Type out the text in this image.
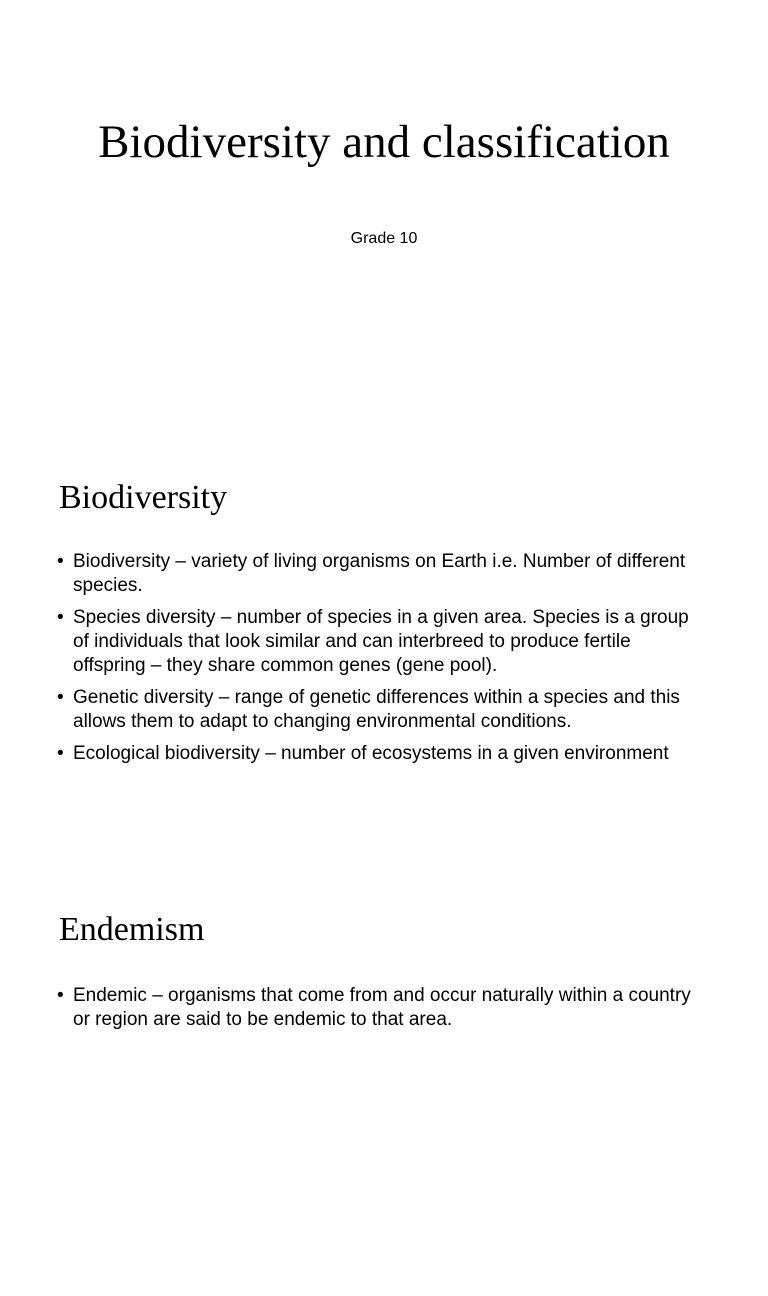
Biodiversity and classification
Grade 10
Biodiversity
• Biodiversity – variety of living organisms on Earth i.e. Number of different species.
• Species diversity – number of species in a given area. Species is a group of individuals that look similar and can interbreed to produce fertile offspring – they share common genes (gene pool).
• Genetic diversity – range of genetic differences within a species and this allows them to adapt to changing environmental conditions.
• Ecological biodiversity – number of ecosystems in a given environment
Endemism
• Endemic – organisms that come from and occur naturally within a country or region are said to be endemic to that area.
